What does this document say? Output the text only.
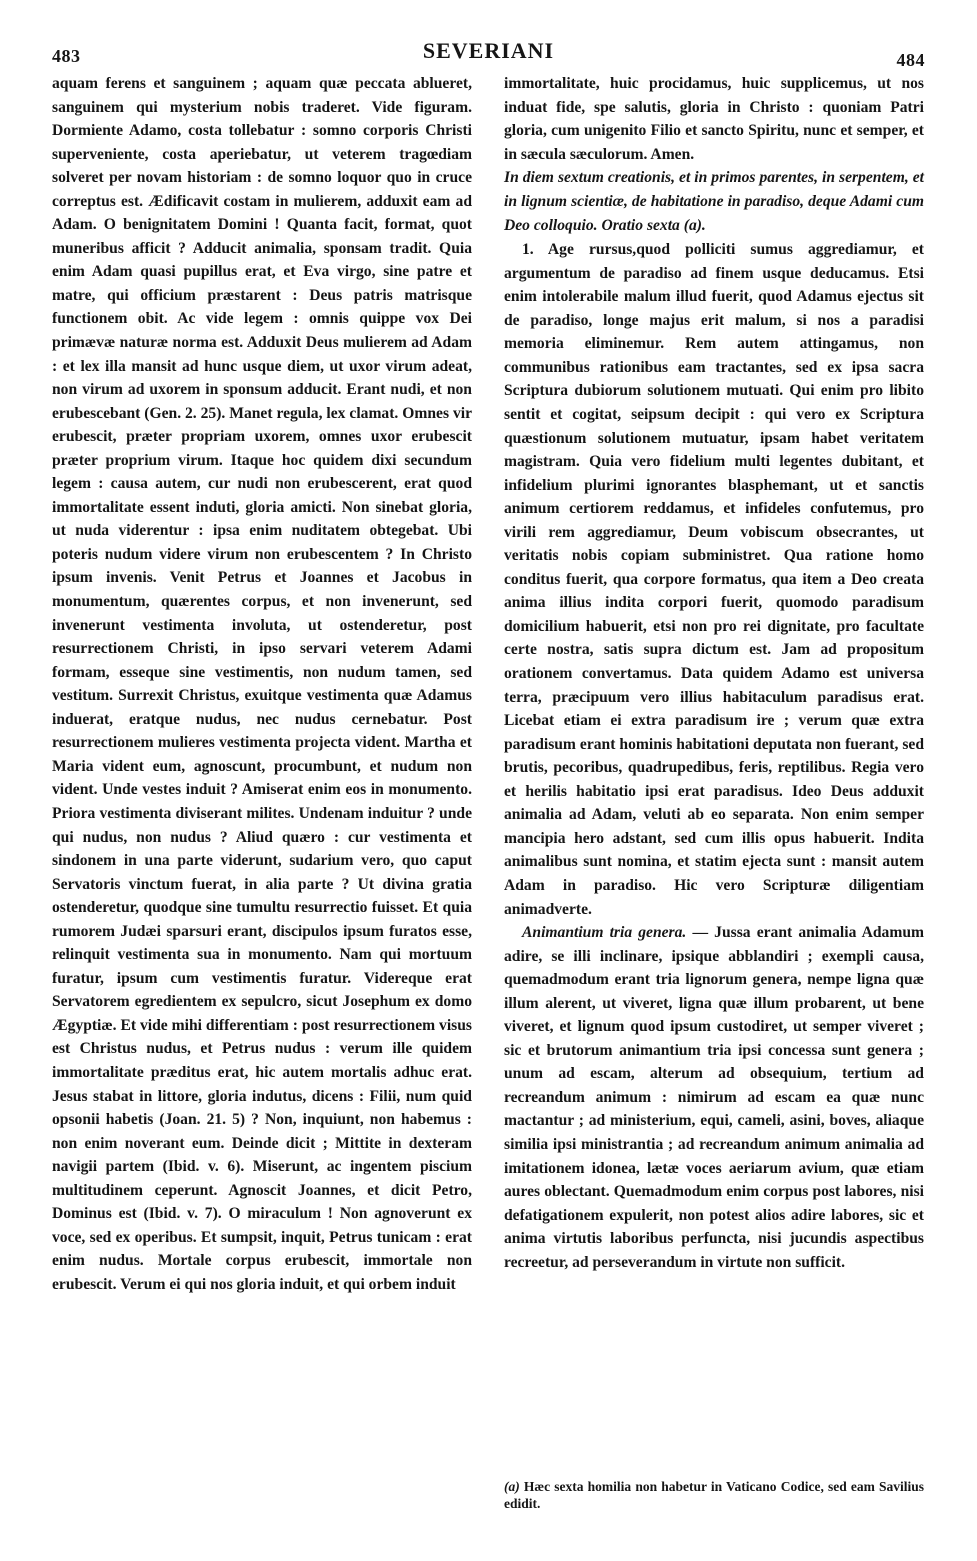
483	SEVERIANI	484

aquam ferens et sanguinem ; aquam quæ peccata ablueret, sanguinem qui mysterium nobis traderet. Vide figuram. Dormiente Adamo, costa tollebatur : somno corporis Christi superveniente, costa aperiebatur, ut veterem tragœdiam solveret per novam historiam : de somno loquor quo in cruce correptus est. Ædificavit costam in mulierem, adduxit eam ad Adam. O benignitatem Domini ! Quanta facit, format, quot muneribus afficit ? Adducit animalia, sponsam tradit. Quia enim Adam quasi pupillus erat, et Eva virgo, sine patre et matre, qui officium præstarent : Deus patris matrisque functionem obit. Ac vide legem : omnis quippe vox Dei primævæ naturæ norma est. Adduxit Deus mulierem ad Adam : et lex illa mansit ad hunc usque diem, ut uxor virum adeat, non virum ad uxorem in sponsum adducit. Erant nudi, et non erubescebant (Gen. 2. 25). Manet regula, lex clamat. Omnes vir erubescit, præter propriam uxorem, omnes uxor erubescit præter proprium virum. Itaque hoc quidem dixi secundum legem : causa autem, cur nudi non erubescerent, erat quod immortalitate essent induti, gloria amicti. Non sinebat gloria, ut nuda viderentur : ipsa enim nuditatem obtegebat. Ubi poteris nudum videre virum non erubescentem ? In Christo ipsum invenis. Venit Petrus et Joannes et Jacobus in monumentum, quærentes corpus, et non invenerunt, sed invenerunt vestimenta involuta, ut ostenderetur, post resurrectionem Christi, in ipso servari veterem Adami formam, esseque sine vestimentis, non nudum tamen, sed vestitum. Surrexit Christus, exuitque vestimenta quæ Adamus induerat, eratque nudus, nec nudus cernebatur. Post resurrectionem mulieres vestimenta projecta vident. Martha et Maria vident eum, agnoscunt, procumbunt, et nudum non vident. Unde vestes induit ? Amiserat enim eos in monumento. Priora vestimenta diviserant milites. Undenam induitur ? unde qui nudus, non nudus ? Aliud quæro : cur vestimenta et sindonem in una parte viderunt, sudarium vero, quo caput Servatoris vinctum fuerat, in alia parte ? Ut divina gratia ostenderetur, quodque sine tumultu resurrectio fuisset. Et quia rumorem Judæi sparsuri erant, discipulos ipsum furatos esse, relinquit vestimenta sua in monumento. Nam qui mortuum furatur, ipsum cum vestimentis furatur. Videreque erat Servatorem egredientem ex sepulcro, sicut Josephum ex domo Ægyptiæ. Et vide mihi differentiam : post resurrectionem visus est Christus nudus, et Petrus nudus : verum ille quidem immortalitate præditus erat, hic autem mortalis adhuc erat. Jesus stabat in littore, gloria indutus, dicens : Filii, num quid opsonii habetis (Joan. 21. 5) ? Non, inquiunt, non habemus : non enim noverant eum. Deinde dicit ; Mittite in dexteram navigii partem (Ibid. v. 6). Miserunt, ac ingentem piscium multitudinem ceperunt. Agnoscit Joannes, et dicit Petro, Dominus est (Ibid. v. 7). O miraculum ! Non agnoverunt ex voce, sed ex operibus. Et sumpsit, inquit, Petrus tunicam : erat enim nudus. Mortale corpus erubescit, immortale non erubescit. Verum ei qui nos gloria induit, et qui orbem induit

immortalitate, huic procidamus, huic supplicemus, ut nos induat fide, spe salutis, gloria in Christo : quoniam Patri gloria, cum unigenito Filio et sancto Spiritu, nunc et semper, et in sæcula sæculorum. Amen.

In diem sextum creationis, et in primos parentes, in serpentem, et in lignum scientiæ, de habitatione in paradiso, deque Adami cum Deo colloquio. Oratio sexta (a).

1. Age rursus,quod polliciti sumus aggrediamur, et argumentum de paradiso ad finem usque deducamus. Etsi enim intolerabile malum illud fuerit, quod Adamus ejectus sit de paradiso, longe majus erit malum, si nos a paradisi memoria eliminemur. Rem autem attingamus, non communibus rationibus eam tractantes, sed ex ipsa sacra Scriptura dubiorum solutionem mutuati. Qui enim pro libito sentit et cogitat, seipsum decipit : qui vero ex Scriptura quæstionum solutionem mutuatur, ipsam habet veritatem magistram. Quia vero fidelium multi legentes dubitant, et infidelium plurimi ignorantes blasphemant, ut et sanctis animum certiorem reddamus, et infideles confutemus, pro virili rem aggrediamur, Deum vobiscum obsecrantes, ut veritatis nobis copiam subministret. Qua ratione homo conditus fuerit, qua corpore formatus, qua item a Deo creata anima illius indita corpori fuerit, quomodo paradisum domicilium habuerit, etsi non pro rei dignitate, pro facultate certe nostra, satis supra dictum est. Jam ad propositum orationem convertamus. Data quidem Adamo est universa terra, præcipuum vero illius habitaculum paradisus erat. Licebat etiam ei extra paradisum ire ; verum quæ extra paradisum erant hominis habitationi deputata non fuerant, sed brutis, pecoribus, quadrupedibus, feris, reptilibus. Regia vero et herilis habitatio ipsi erat paradisus. Ideo Deus adduxit animalia ad Adam, veluti ab eo separata. Non enim semper mancipia hero adstant, sed cum illis opus habuerit. Indita animalibus sunt nomina, et statim ejecta sunt : mansit autem Adam in paradiso. Hic vero Scripturæ diligentiam animadverte.

Animantium tria genera. — Jussa erant animalia Adamum adire, se illi inclinare, ipsique abblandiri ; exempli causa, quemadmodum erant tria lignorum genera, nempe ligna quæ illum alerent, ut viveret, ligna quæ illum probarent, ut bene viveret, et lignum quod ipsum custodiret, ut semper viveret ; sic et brutorum animantium tria ipsi concessa sunt genera ; unum ad escam, alterum ad obsequium, tertium ad recreandum animum : nimirum ad escam ea quæ nunc mactantur ; ad ministerium, equi, cameli, asini, boves, aliaque similia ipsi ministrantia ; ad recreandum animum animalia ad imitationem idonea, lætæ voces aeriarum avium, quæ etiam aures oblectant. Quemadmodum enim corpus post labores, nisi defatigationem expulerit, non potest alios adire labores, sic et anima virtutis laboribus perfuncta, nisi jucundis aspectibus recreetur, ad perseverandum in virtute non sufficit.

(a) Hæc sexta homilia non habetur in Vaticano Codice, sed eam Savilius edidit.
